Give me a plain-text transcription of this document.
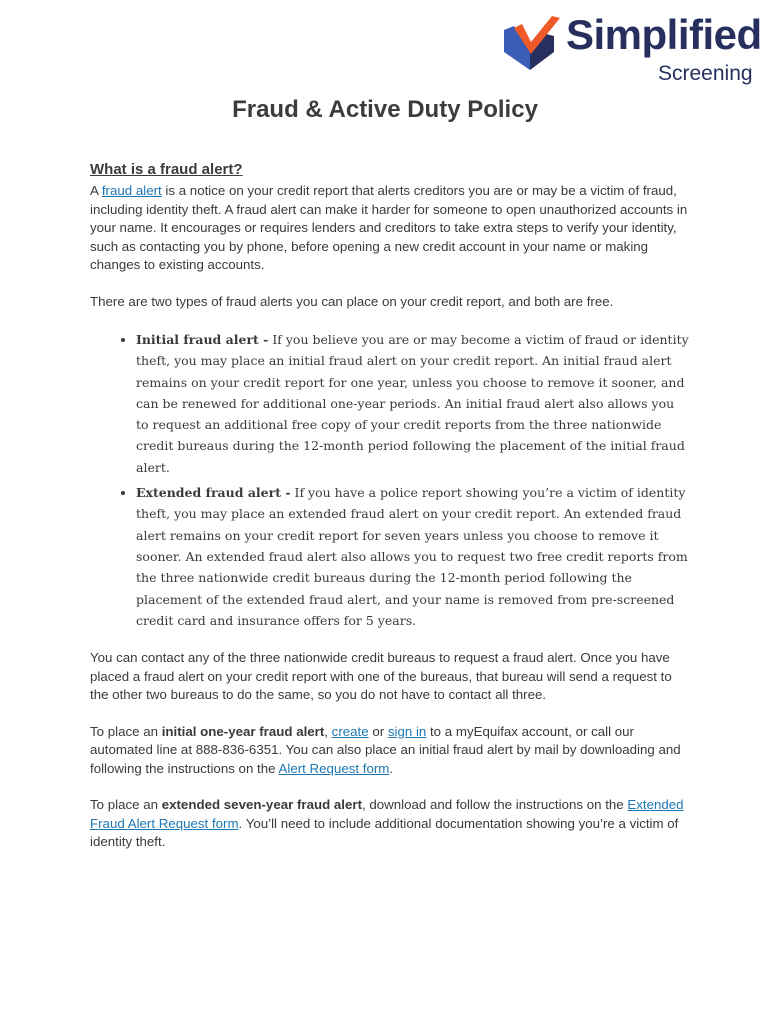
Simplified
Screening
Fraud & Active Duty Policy
What is a fraud alert?

A fraud alert is a notice on your credit report that alerts creditors you are or may be a victim of fraud, including identity theft. A fraud alert can make it harder for someone to open unauthorized accounts in your name. It encourages or requires lenders and creditors to take extra steps to verify your identity, such as contacting you by phone, before opening a new credit account in your name or making changes to existing accounts.

There are two types of fraud alerts you can place on your credit report, and both are free.

• Initial fraud alert - If you believe you are or may become a victim of fraud or identity theft, you may place an initial fraud alert on your credit report. An initial fraud alert remains on your credit report for one year, unless you choose to remove it sooner, and can be renewed for additional one-year periods. An initial fraud alert also allows you to request an additional free copy of your credit reports from the three nationwide credit bureaus during the 12-month period following the placement of the initial fraud alert.
• Extended fraud alert - If you have a police report showing you’re a victim of identity theft, you may place an extended fraud alert on your credit report. An extended fraud alert remains on your credit report for seven years unless you choose to remove it sooner. An extended fraud alert also allows you to request two free credit reports from the three nationwide credit bureaus during the 12-month period following the placement of the extended fraud alert, and your name is removed from pre-screened credit card and insurance offers for 5 years.

You can contact any of the three nationwide credit bureaus to request a fraud alert. Once you have placed a fraud alert on your credit report with one of the bureaus, that bureau will send a request to the other two bureaus to do the same, so you do not have to contact all three.

To place an initial one-year fraud alert, create or sign in to a myEquifax account, or call our automated line at 888-836-6351. You can also place an initial fraud alert by mail by downloading and following the instructions on the Alert Request form.

To place an extended seven-year fraud alert, download and follow the instructions on the Extended Fraud Alert Request form. You’ll need to include additional documentation showing you’re a victim of identity theft.
